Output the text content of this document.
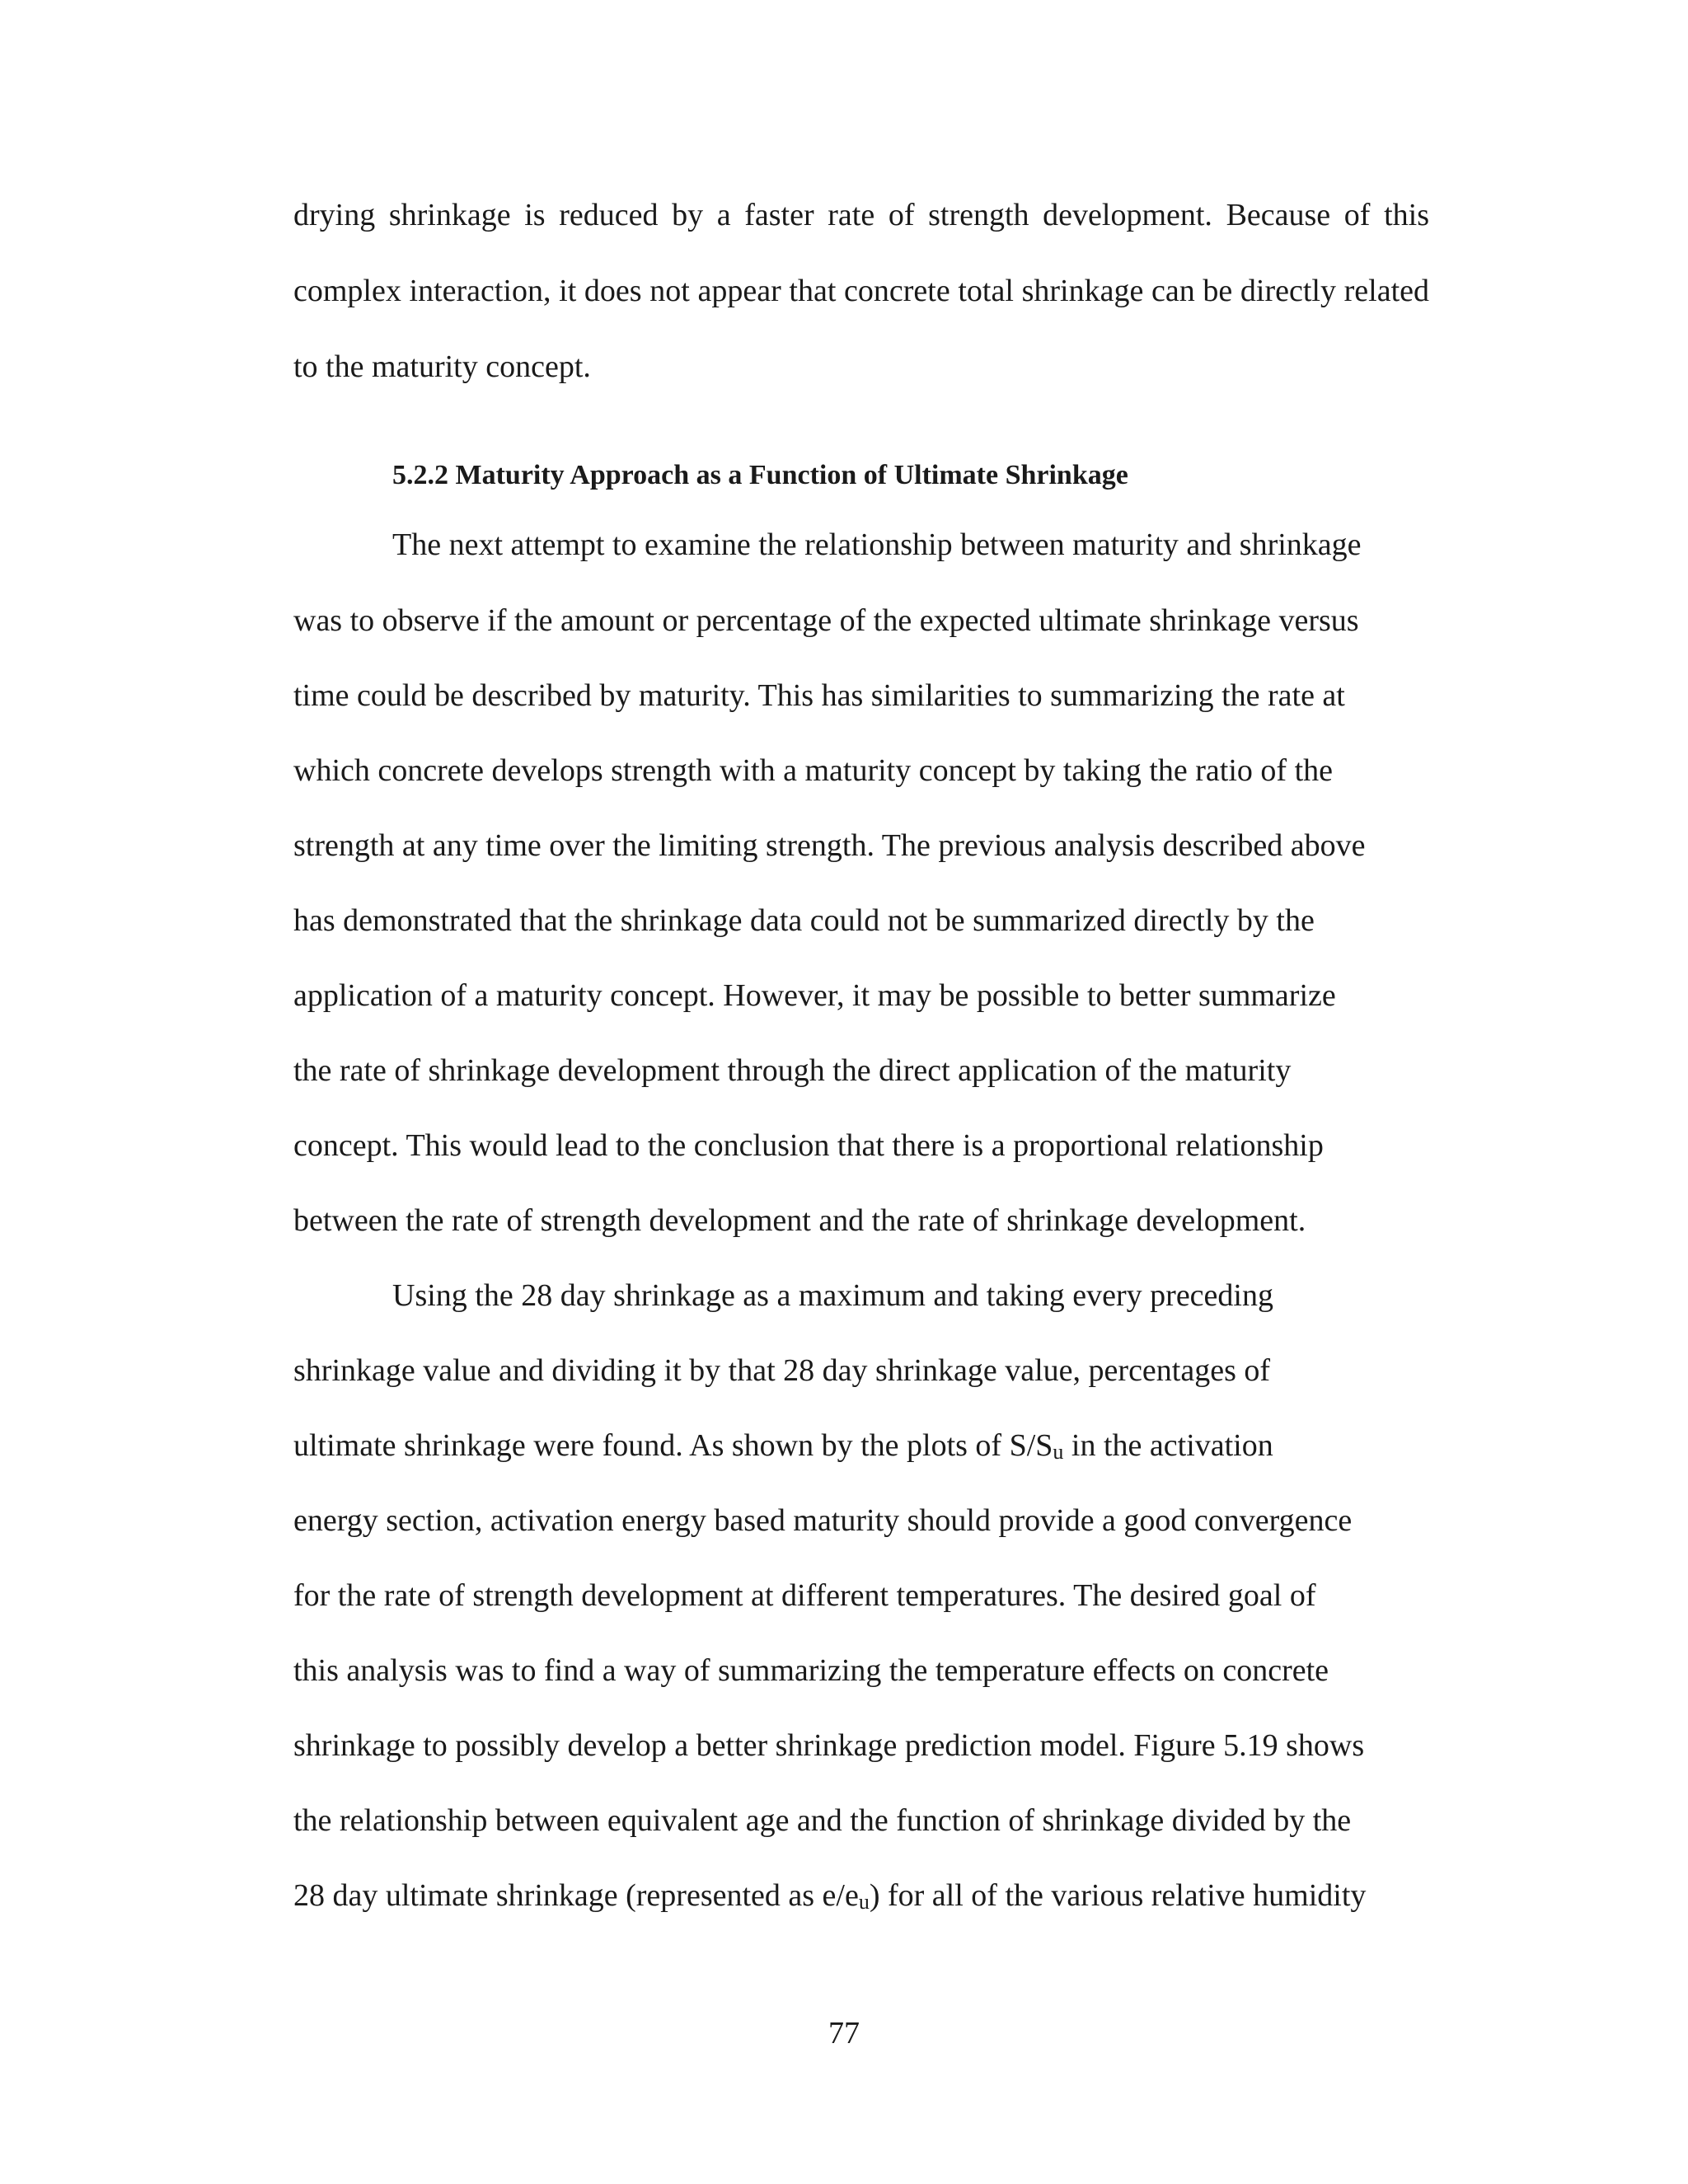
drying shrinkage is reduced by a faster rate of strength development. Because of this

complex interaction, it does not appear that concrete total shrinkage can be directly related

to the maturity concept.

5.2.2 Maturity Approach as a Function of Ultimate Shrinkage

The next attempt to examine the relationship between maturity and shrinkage

was to observe if the amount or percentage of the expected ultimate shrinkage versus

time could be described by maturity. This has similarities to summarizing the rate at

which concrete develops strength with a maturity concept by taking the ratio of the

strength at any time over the limiting strength. The previous analysis described above

has demonstrated that the shrinkage data could not be summarized directly by the

application of a maturity concept. However, it may be possible to better summarize

the rate of shrinkage development through the direct application of the maturity

concept. This would lead to the conclusion that there is a proportional relationship

between the rate of strength development and the rate of shrinkage development.

Using the 28 day shrinkage as a maximum and taking every preceding

shrinkage value and dividing it by that 28 day shrinkage value, percentages of

ultimate shrinkage were found. As shown by the plots of $S/S_u$ in the activation

energy section, activation energy based maturity should provide a good convergence

for the rate of strength development at different temperatures. The desired goal of

this analysis was to find a way of summarizing the temperature effects on concrete

shrinkage to possibly develop a better shrinkage prediction model. Figure 5.19 shows

the relationship between equivalent age and the function of shrinkage divided by the

28 day ultimate shrinkage (represented as $e/e_u$) for all of the various relative humidity

77
